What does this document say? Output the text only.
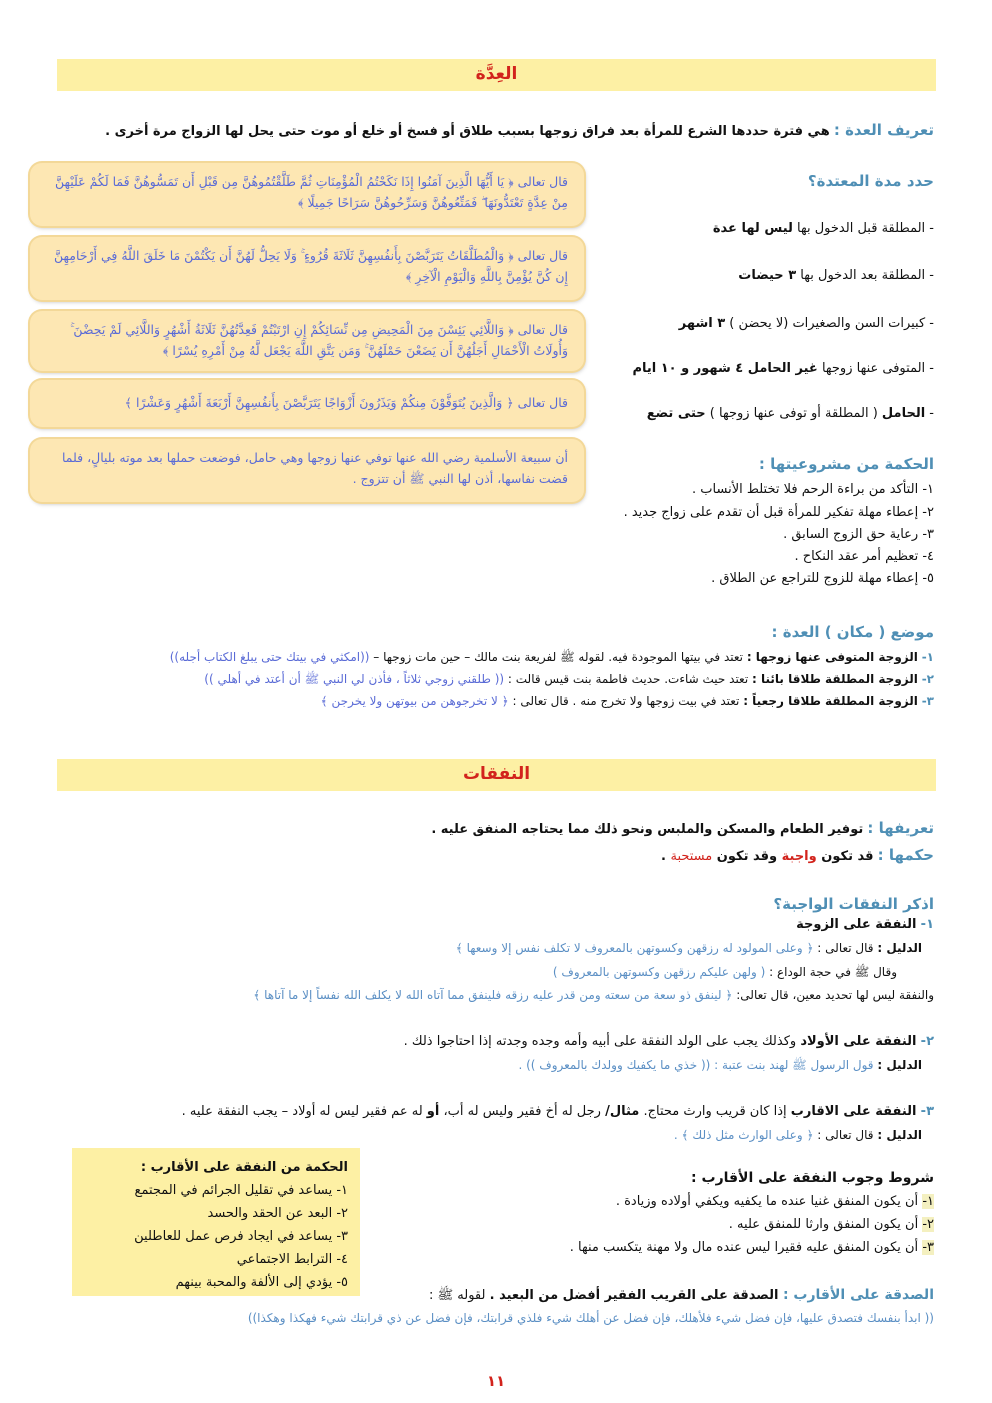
العِدَّة
تعريف العدة : هي فترة حددها الشرع للمرأة بعد فراق زوجها بسبب طلاق أو فسخ أو خلع أو موت حتى يحل لها الزواج مرة أخرى .
حدد مدة المعتدة؟
- المطلقة قبل الدخول بها ليس لها عدة
- المطلقة بعد الدخول بها ٣ حيضات
- كبيرات السن والصغيرات (لا يحضن ) ٣ اشهر
- المتوفى عنها زوجها غير الحامل ٤ شهور و ١٠ ايام
- الحامل ( المطلقة أو توفى عنها زوجها ) حتى تضع
قال تعالى ﴿ يَا أَيُّهَا الَّذِينَ آمَنُوا إِذَا نَكَحْتُمُ الْمُؤْمِنَاتِ ثُمَّ طَلَّقْتُمُوهُنَّ مِن قَبْلِ أَن تَمَسُّوهُنَّ فَمَا لَكُمْ عَلَيْهِنَّ مِنْ عِدَّةٍ تَعْتَدُّونَهَا ۖ فَمَتِّعُوهُنَّ وَسَرِّحُوهُنَّ سَرَاحًا جَمِيلًا ﴾
قال تعالى ﴿ وَالْمُطَلَّقَاتُ يَتَرَبَّصْنَ بِأَنفُسِهِنَّ ثَلَاثَةَ قُرُوءٍ ۚ وَلَا يَحِلُّ لَهُنَّ أَن يَكْتُمْنَ مَا خَلَقَ اللَّهُ فِي أَرْحَامِهِنَّ إِن كُنَّ يُؤْمِنَّ بِاللَّهِ وَالْيَوْمِ الْآخِرِ ﴾
قال تعالى ﴿ وَاللَّائِي يَئِسْنَ مِنَ الْمَحِيضِ مِن نِّسَائِكُمْ إِنِ ارْتَبْتُمْ فَعِدَّتُهُنَّ ثَلَاثَةُ أَشْهُرٍ وَاللَّائِي لَمْ يَحِضْنَ ۚ وَأُولَاتُ الْأَحْمَالِ أَجَلُهُنَّ أَن يَضَعْنَ حَمْلَهُنَّ ۚ وَمَن يَتَّقِ اللَّهَ يَجْعَل لَّهُ مِنْ أَمْرِهِ يُسْرًا ﴾
قال تعالى ﴿ وَالَّذِينَ يُتَوَفَّوْنَ مِنكُمْ وَيَذَرُونَ أَزْوَاجًا يَتَرَبَّصْنَ بِأَنفُسِهِنَّ أَرْبَعَةَ أَشْهُرٍ وَعَشْرًا ﴾
أن سبيعة الأسلمية رضي الله عنها توفي عنها زوجها وهي حامل، فوضعت حملها بعد موته بليالٍ، فلما قضت نفاسها، أذن لها النبي ﷺ أن تتزوج .
الحكمة من مشروعيتها :
١- التأكد من براءة الرحم فلا تختلط الأنساب .
٢- إعطاء مهلة تفكير للمرأة قبل أن تقدم على زواج جديد .
٣- رعاية حق الزوج السابق .
٤- تعظيم أمر عقد النكاح .
٥- إعطاء مهلة للزوج للتراجع عن الطلاق .
موضع ( مكان ) العدة :
١- الزوجة المتوفى عنها زوجها : تعتد في بيتها الموجودة فيه. لقوله ﷺ لفريعة بنت مالك – حين مات زوجها – ((امكثي في بيتك حتى يبلغ الكتاب أجله))
٢- الزوجة المطلقة طلاقا بائنا : تعتد حيث شاءت. حديث فاطمة بنت قيس قالت : (( طلقني زوجي ثلاثاً ، فأذن لي النبي ﷺ أن أعتد في أهلي ))
٣- الزوجة المطلقة طلاقا رجعياً : تعتد في بيت زوجها ولا تخرج منه . قال تعالى : ﴿ لا تخرجوهن من بيوتهن ولا يخرجن ﴾
النفقات
تعريفها : توفير الطعام والمسكن والملبس ونحو ذلك مما يحتاجه المنفق عليه .
حكمها : قد تكون واجبة وقد تكون مستحبة .
اذكر النفقات الواجبة؟
١- النفقة على الزوجة
الدليل : قال تعالى : ﴿ وعلى المولود له رزقهن وكسوتهن بالمعروف لا تكلف نفس إلا وسعها ﴾
وقال ﷺ في حجة الوداع : ( ولهن عليكم رزقهن وكسوتهن بالمعروف )
والنفقة ليس لها تحديد معين، قال تعالى: ﴿ لينفق ذو سعة من سعته ومن قدر عليه رزقه فلينفق مما آتاه الله لا يكلف الله نفساً إلا ما آتاها ﴾
٢- النفقة على الأولاد وكذلك يجب على الولد النفقة على أبيه وأمه وجده وجدته إذا احتاجوا ذلك .
الدليل : قول الرسول ﷺ لهند بنت عتبة : (( خذي ما يكفيك وولدك بالمعروف )) .
٣- النفقة على الاقارب إذا كان قريب وارث محتاج. مثال/ رجل له أخ فقير وليس له أب، أو له عم فقير ليس له أولاد – يجب النفقة عليه .
الدليل : قال تعالى : ﴿ وعلى الوارث مثل ذلك ﴾ .
الحكمة من النفقة على الأقارب :
١- يساعد في تقليل الجرائم في المجتمع
٢- البعد عن الحقد والحسد
٣- يساعد في ايجاد فرص عمل للعاطلين
٤- الترابط الاجتماعي
٥- يؤدي إلى الألفة والمحبة بينهم
شروط وجوب النفقة على الأقارب :
١- أن يكون المنفق غنيا عنده ما يكفيه ويكفي أولاده وزيادة .
٢- أن يكون المنفق وارثا للمنفق عليه .
٣- أن يكون المنفق عليه فقيرا ليس عنده مال ولا مهنة يتكسب منها .
الصدقة على الأقارب : الصدقة على القريب الفقير أفضل من البعيد . لقوله ﷺ :
(( ابدأ بنفسك فتصدق عليها، فإن فضل شيء فلأهلك، فإن فضل عن أهلك شيء فلذي قرابتك، فإن فضل عن ذي قرابتك شيء فهكذا وهكذا))
١١
